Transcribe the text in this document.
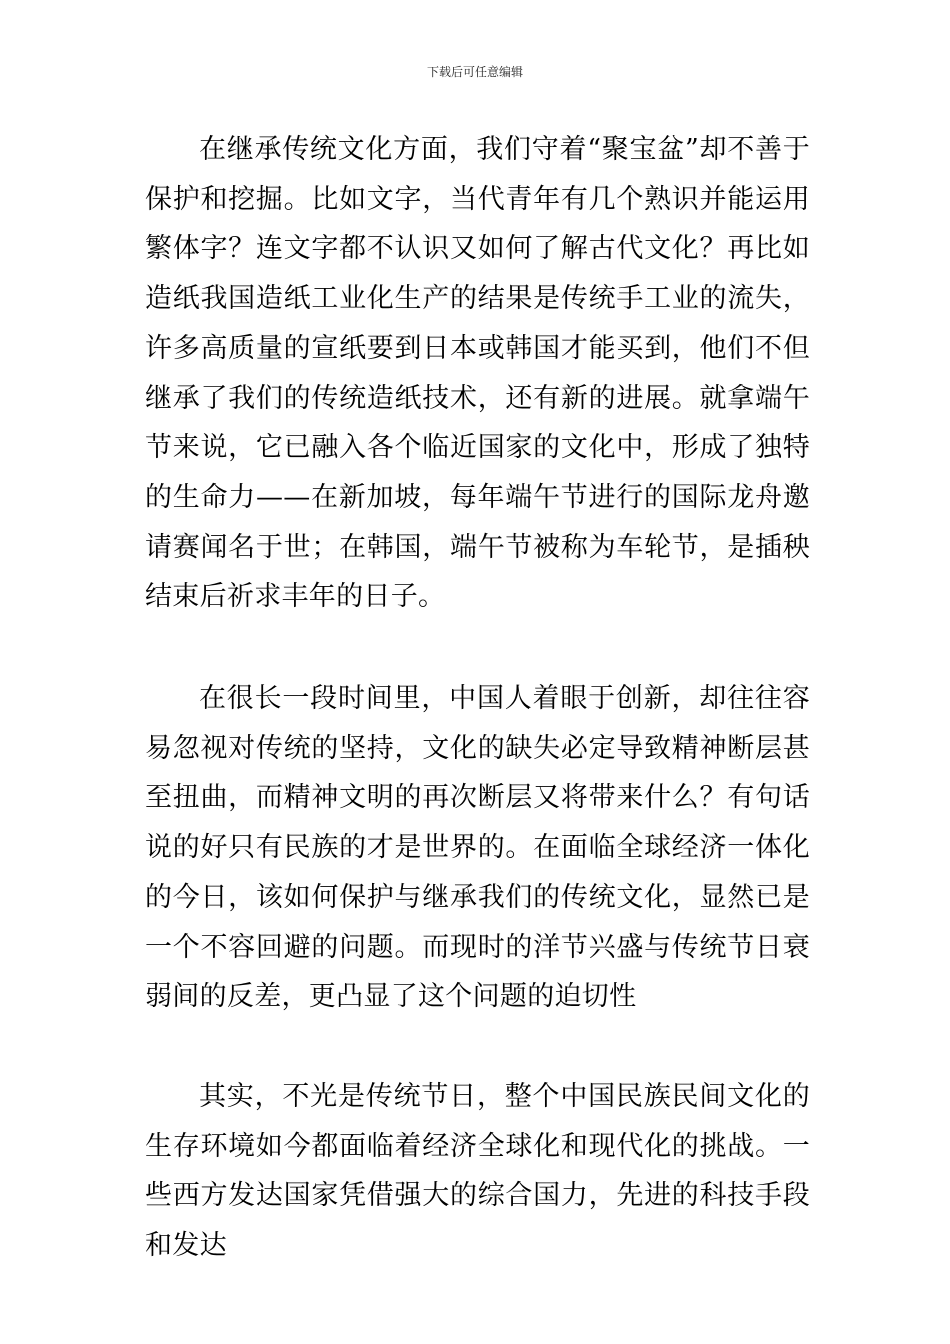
下载后可任意编辑

在继承传统文化方面，我们守着“聚宝盆”却不善于保护和挖掘。比如文字，当代青年有几个熟识并能运用繁体字？连文字都不认识又如何了解古代文化？再比如造纸我国造纸工业化生产的结果是传统手工业的流失，许多高质量的宣纸要到日本或韩国才能买到，他们不但继承了我们的传统造纸技术，还有新的进展。就拿端午节来说，它已融入各个临近国家的文化中，形成了独特的生命力——在新加坡，每年端午节进行的国际龙舟邀请赛闻名于世；在韩国，端午节被称为车轮节，是插秧结束后祈求丰年的日子。

在很长一段时间里，中国人着眼于创新，却往往容易忽视对传统的坚持，文化的缺失必定导致精神断层甚至扭曲，而精神文明的再次断层又将带来什么？有句话说的好只有民族的才是世界的。在面临全球经济一体化的今日，该如何保护与继承我们的传统文化，显然已是一个不容回避的问题。而现时的洋节兴盛与传统节日衰弱间的反差，更凸显了这个问题的迫切性

其实，不光是传统节日，整个中国民族民间文化的生存环境如今都面临着经济全球化和现代化的挑战。一些西方发达国家凭借强大的综合国力，先进的科技手段和发达
